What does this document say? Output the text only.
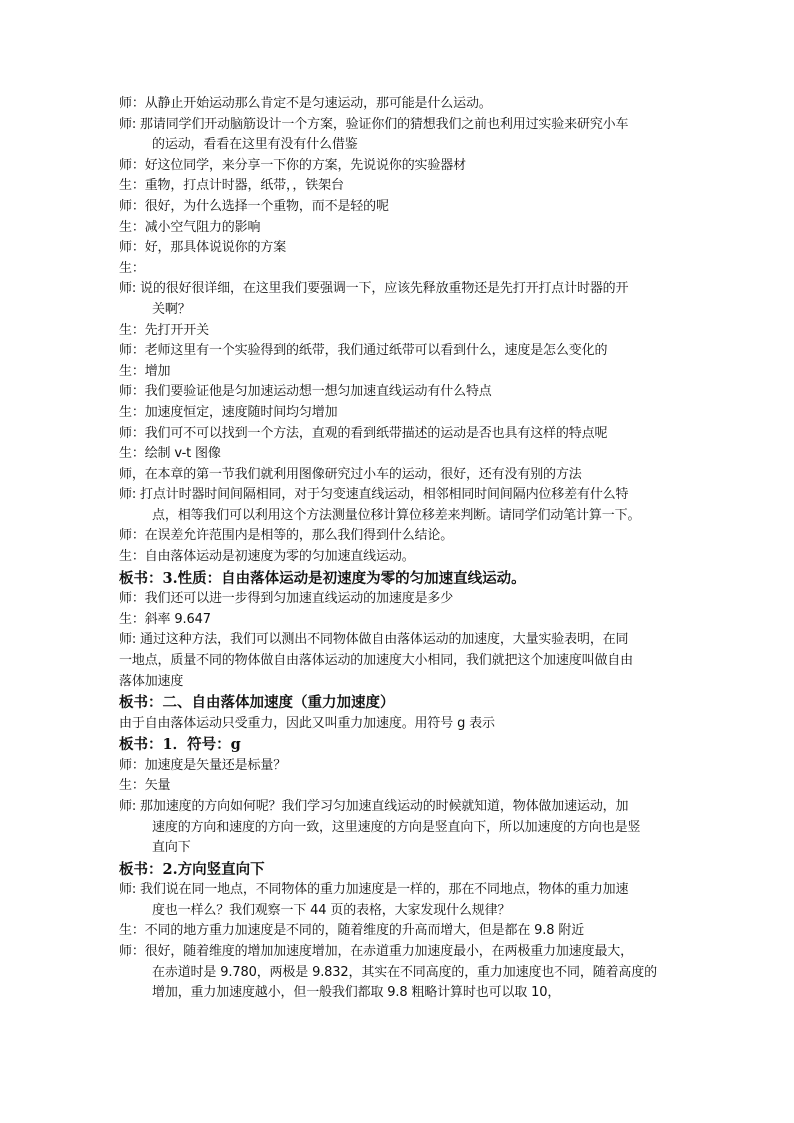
师：从静止开始运动那么肯定不是匀速运动，那可能是什么运动。
师: 那请同学们开动脑筋设计一个方案，验证你们的猜想我们之前也利用过实验来研究小车
的运动，看看在这里有没有什么借鉴
师：好这位同学，来分享一下你的方案，先说说你的实验器材
生：重物，打点计时器，纸带，，铁架台
师：很好，为什么选择一个重物，而不是轻的呢
生：减小空气阻力的影响
师：好，那具体说说你的方案
生：
师: 说的很好很详细，在这里我们要强调一下，应该先释放重物还是先打开打点计时器的开
关啊？
生：先打开开关
师：老师这里有一个实验得到的纸带，我们通过纸带可以看到什么，速度是怎么变化的
生：增加
师：我们要验证他是匀加速运动想一想匀加速直线运动有什么特点
生：加速度恒定，速度随时间均匀增加
师：我们可不可以找到一个方法，直观的看到纸带描述的运动是否也具有这样的特点呢
生：绘制 v-t 图像
师，在本章的第一节我们就利用图像研究过小车的运动，很好，还有没有别的方法
师: 打点计时器时间间隔相同，对于匀变速直线运动，相邻相同时间间隔内位移差有什么特
点，相等我们可以利用这个方法测量位移计算位移差来判断。请同学们动笔计算一下。
师：在误差允许范围内是相等的，那么我们得到什么结论。
生：自由落体运动是初速度为零的匀加速直线运动。
板书：3.性质：自由落体运动是初速度为零的匀加速直线运动。
师：我们还可以进一步得到匀加速直线运动的加速度是多少
生：斜率 9.647
师: 通过这种方法，我们可以测出不同物体做自由落体运动的加速度，大量实验表明，在同
一地点，质量不同的物体做自由落体运动的加速度大小相同，我们就把这个加速度叫做自由
落体加速度
板书：二、自由落体加速度（重力加速度）
由于自由落体运动只受重力，因此又叫重力加速度。用符号 g 表示
板书：1．符号：g
师：加速度是矢量还是标量？
生：矢量
师: 那加速度的方向如何呢？我们学习匀加速直线运动的时候就知道，物体做加速运动，加
速度的方向和速度的方向一致，这里速度的方向是竖直向下，所以加速度的方向也是竖
直向下
板书：2.方向竖直向下
师: 我们说在同一地点，不同物体的重力加速度是一样的，那在不同地点，物体的重力加速
度也一样么？我们观察一下 44 页的表格，大家发现什么规律？
生：不同的地方重力加速度是不同的，随着维度的升高而增大，但是都在 9.8 附近
师：很好，随着维度的增加加速度增加，在赤道重力加速度最小，在两极重力加速度最大，
在赤道时是 9.780，两极是 9.832，其实在不同高度的，重力加速度也不同，随着高度的
增加，重力加速度越小，但一般我们都取 9.8 粗略计算时也可以取 10，
